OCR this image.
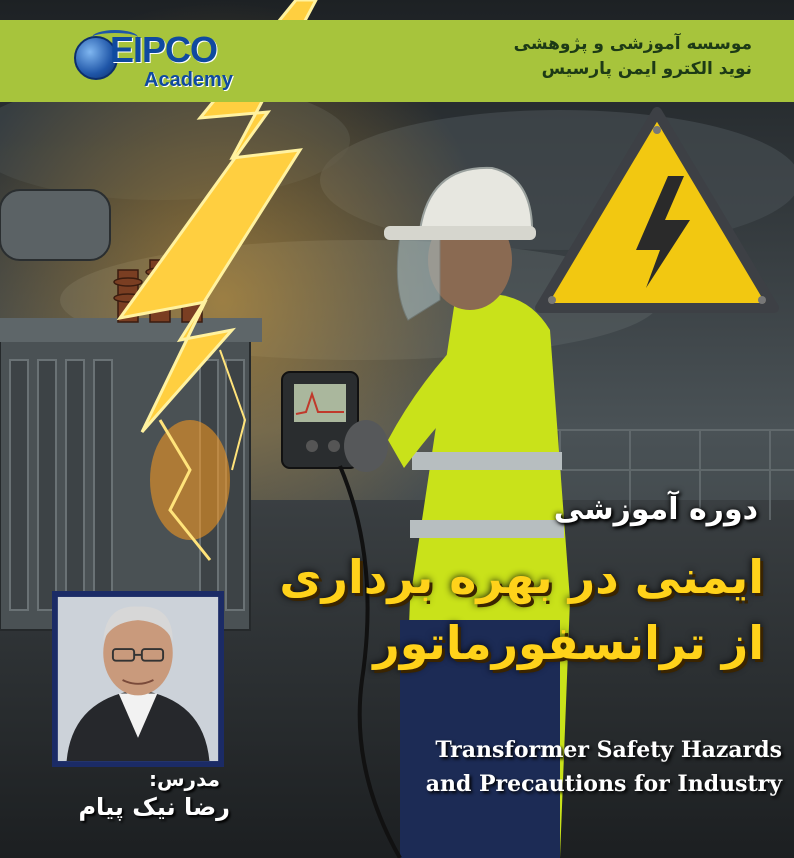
EIPCO
Academy
موسسه آموزشی و پژوهشی
نوید الکترو ایمن پارسیس
دوره آموزشی
ایمنی در بهره برداری
از ترانسفورماتور
Transformer Safety Hazards
and Precautions for Industry
مدرس:
رضا نیک پیام
